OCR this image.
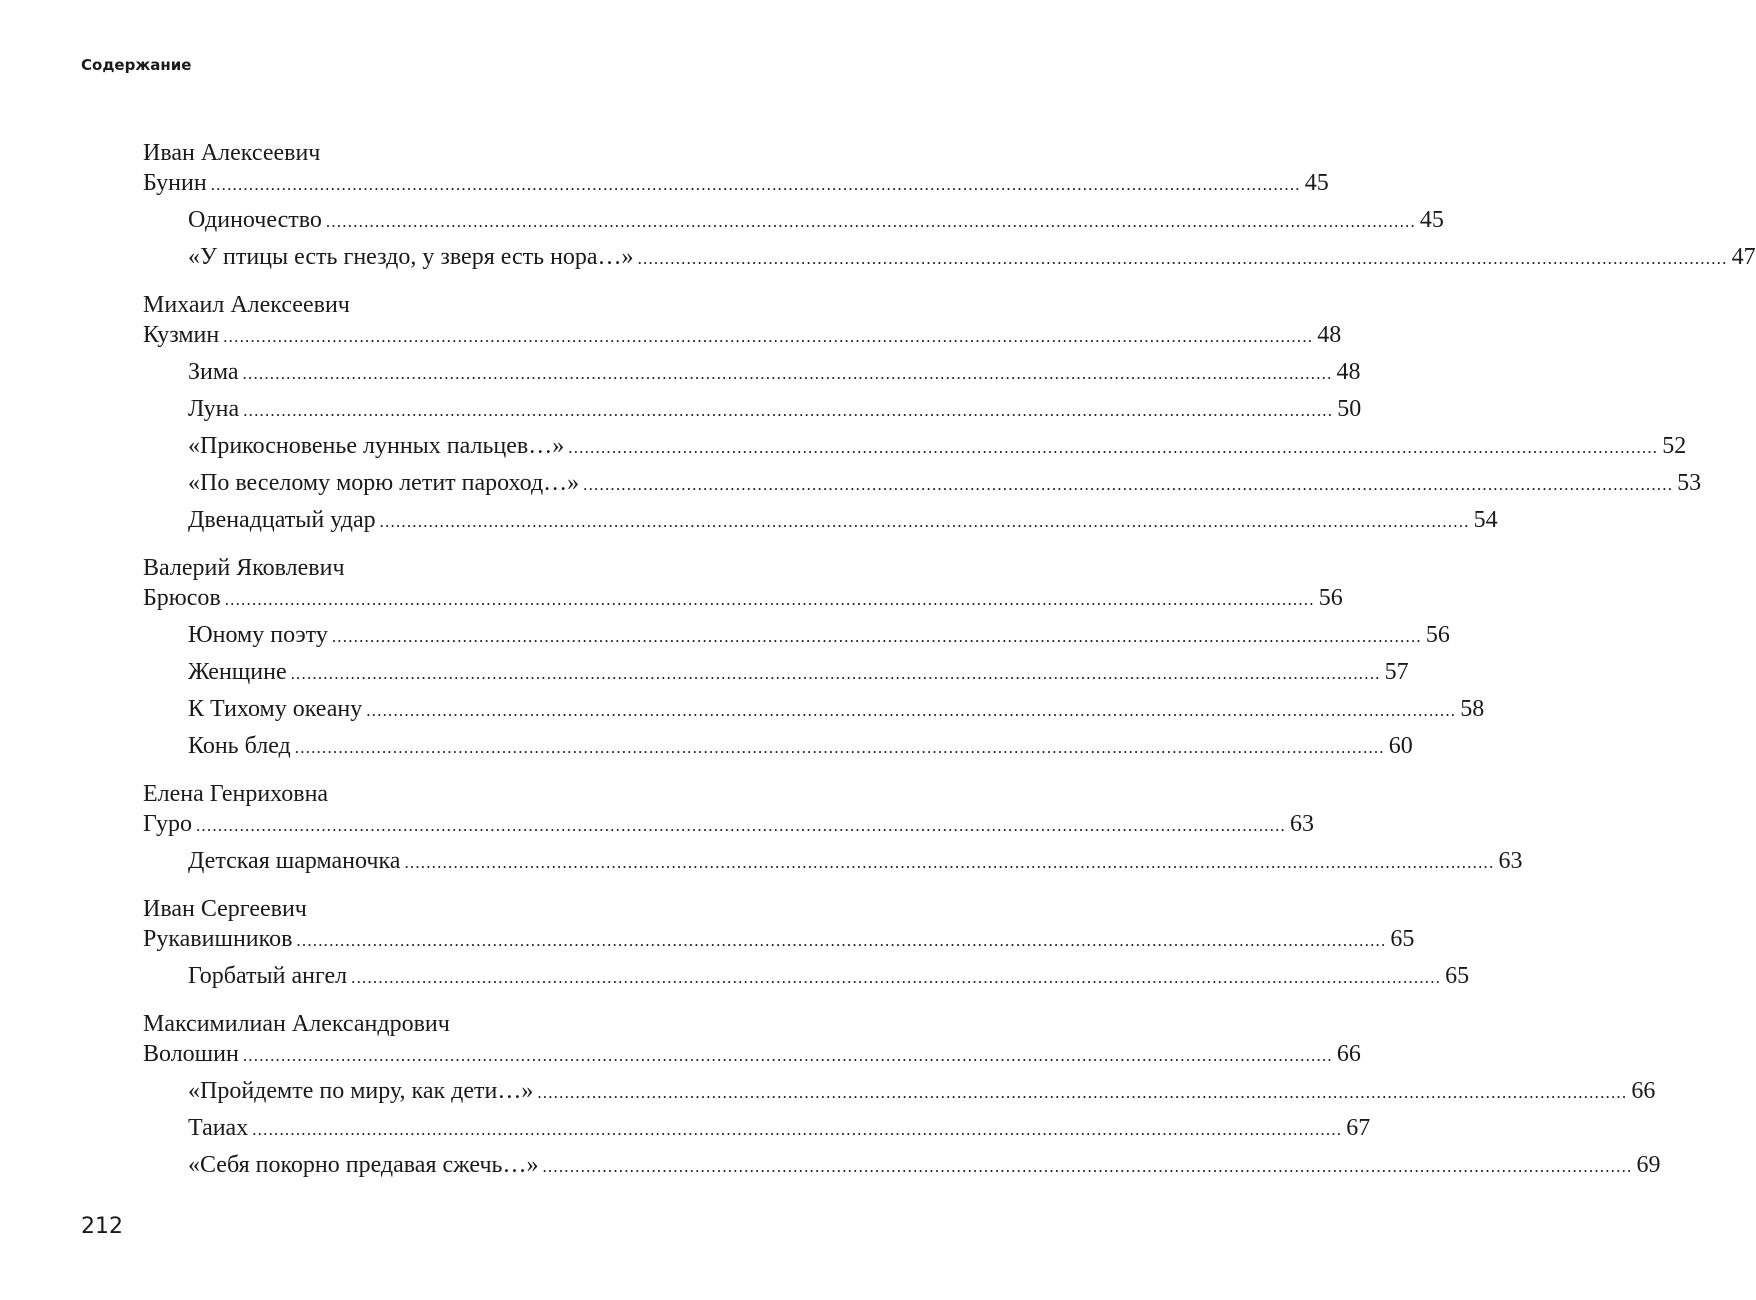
Содержание
Иван Алексеевич
Бунин ........................................................................................................................................................................................................ 45
Одиночество ........................................................................................................................................................................................................ 45
«У птицы есть гнездо, у зверя есть нора…» ........................................................................................................................................................................................................ 47
Михаил Алексеевич
Кузмин ........................................................................................................................................................................................................ 48
Зима ........................................................................................................................................................................................................ 48
Луна ........................................................................................................................................................................................................ 50
«Прикосновенье лунных пальцев…» ........................................................................................................................................................................................................ 52
«По веселому морю летит пароход…» ........................................................................................................................................................................................................ 53
Двенадцатый удар ........................................................................................................................................................................................................ 54
Валерий Яковлевич
Брюсов ........................................................................................................................................................................................................ 56
Юному поэту ........................................................................................................................................................................................................ 56
Женщине ........................................................................................................................................................................................................ 57
К Тихому океану ........................................................................................................................................................................................................ 58
Конь блед ........................................................................................................................................................................................................ 60
Елена Генриховна
Гуро ........................................................................................................................................................................................................ 63
Детская шарманочка ........................................................................................................................................................................................................ 63
Иван Сергеевич
Рукавишников ........................................................................................................................................................................................................ 65
Горбатый ангел ........................................................................................................................................................................................................ 65
Максимилиан Александрович
Волошин ........................................................................................................................................................................................................ 66
«Пройдемте по миру, как дети…» ........................................................................................................................................................................................................ 66
Таиах ........................................................................................................................................................................................................ 67
«Себя покорно предавая сжечь…» ........................................................................................................................................................................................................ 69
212
